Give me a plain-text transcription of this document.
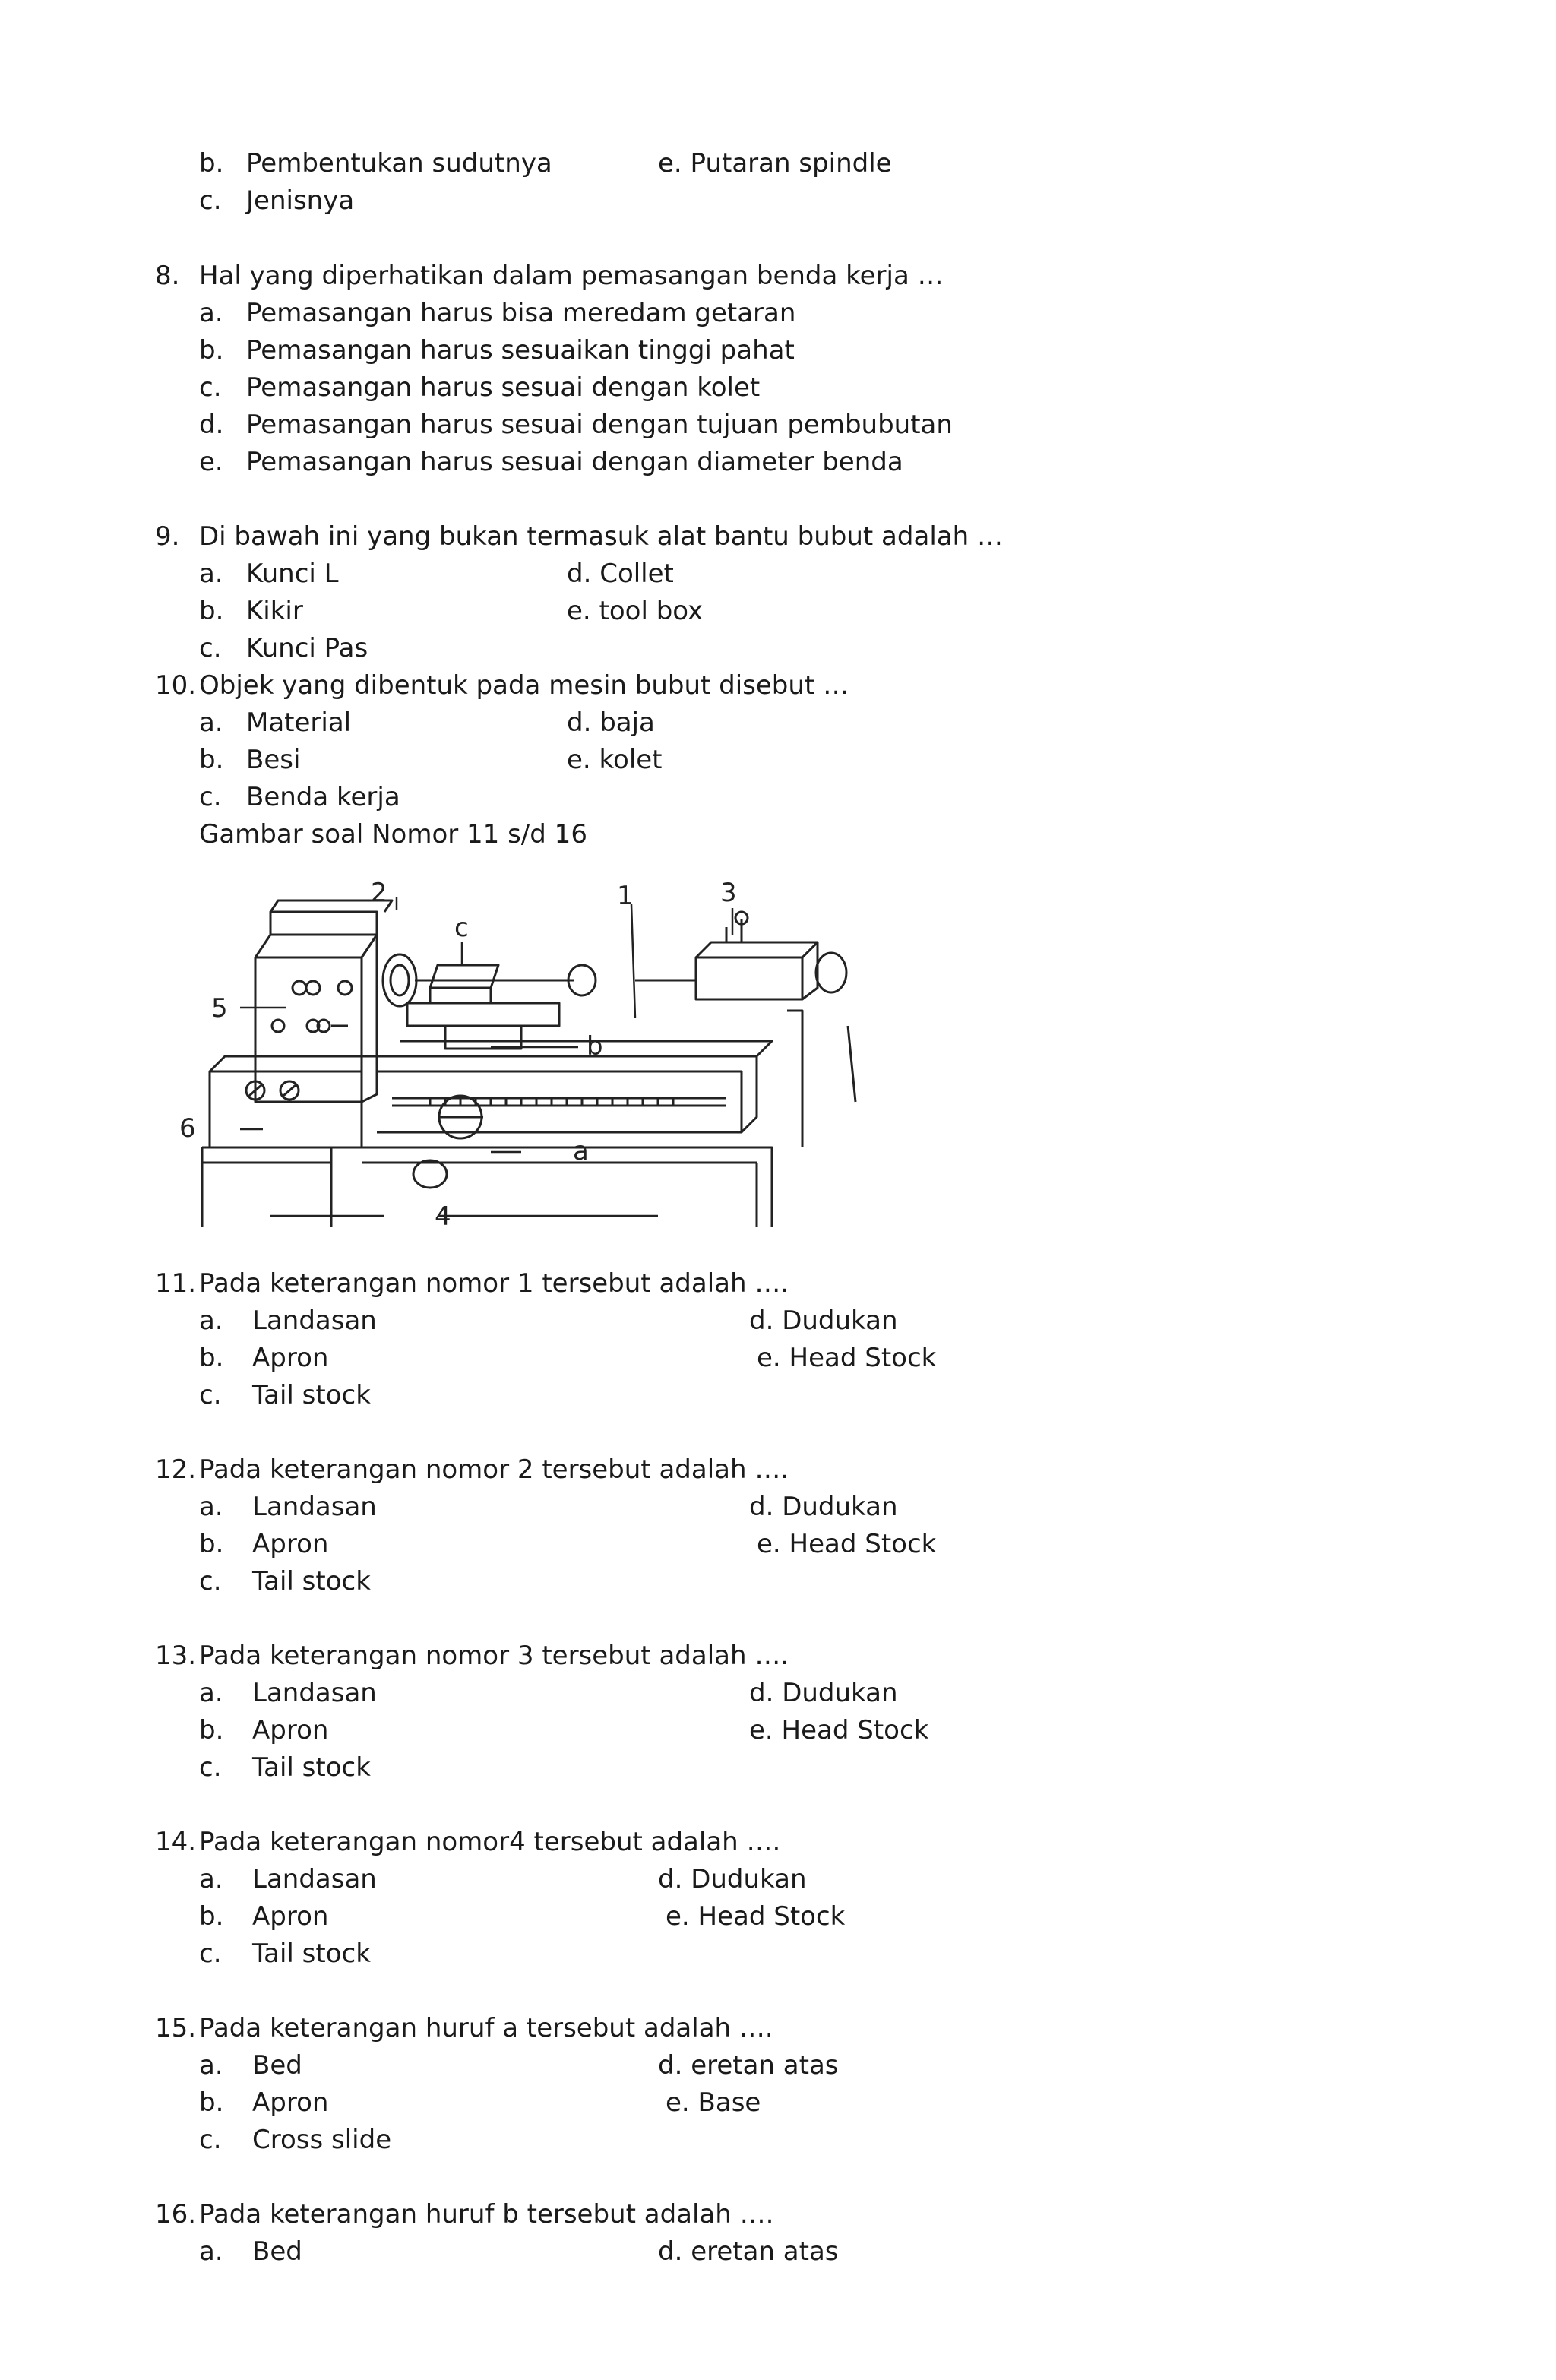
b. Pembentukan sudutnya	e. Putaran spindle
c. Jenisnya
8. Hal yang diperhatikan dalam pemasangan benda kerja …
a. Pemasangan harus bisa meredam getaran
b. Pemasangan harus sesuaikan tinggi pahat
c. Pemasangan harus sesuai dengan kolet
d. Pemasangan harus sesuai dengan tujuan pembubutan
e. Pemasangan harus sesuai dengan diameter benda
9. Di bawah ini yang bukan termasuk alat bantu bubut adalah …
a. Kunci L	d. Collet
b. Kikir	e. tool box
c. Kunci Pas
10. Objek yang dibentuk pada mesin bubut disebut …
a. Material	d. baja
b. Besi	e. kolet
c. Benda kerja
Gambar soal Nomor 11 s/d 16
2	1	3
c
5
b
6
a
4
11. Pada keterangan nomor 1 tersebut adalah ….
a. Landasan	d. Dudukan
b. Apron	e. Head Stock
c. Tail stock
12. Pada keterangan nomor 2 tersebut adalah ….
a. Landasan	d. Dudukan
b. Apron	e. Head Stock
c. Tail stock
13. Pada keterangan nomor 3 tersebut adalah ….
a. Landasan	d. Dudukan
b. Apron	e. Head Stock
c. Tail stock
14. Pada keterangan nomor4 tersebut adalah ….
a. Landasan	d. Dudukan
b. Apron	e. Head Stock
c. Tail stock
15. Pada keterangan huruf a tersebut adalah ….
a. Bed	d. eretan atas
b. Apron	e. Base
c. Cross slide
16. Pada keterangan huruf b tersebut adalah ….
a. Bed	d. eretan atas
